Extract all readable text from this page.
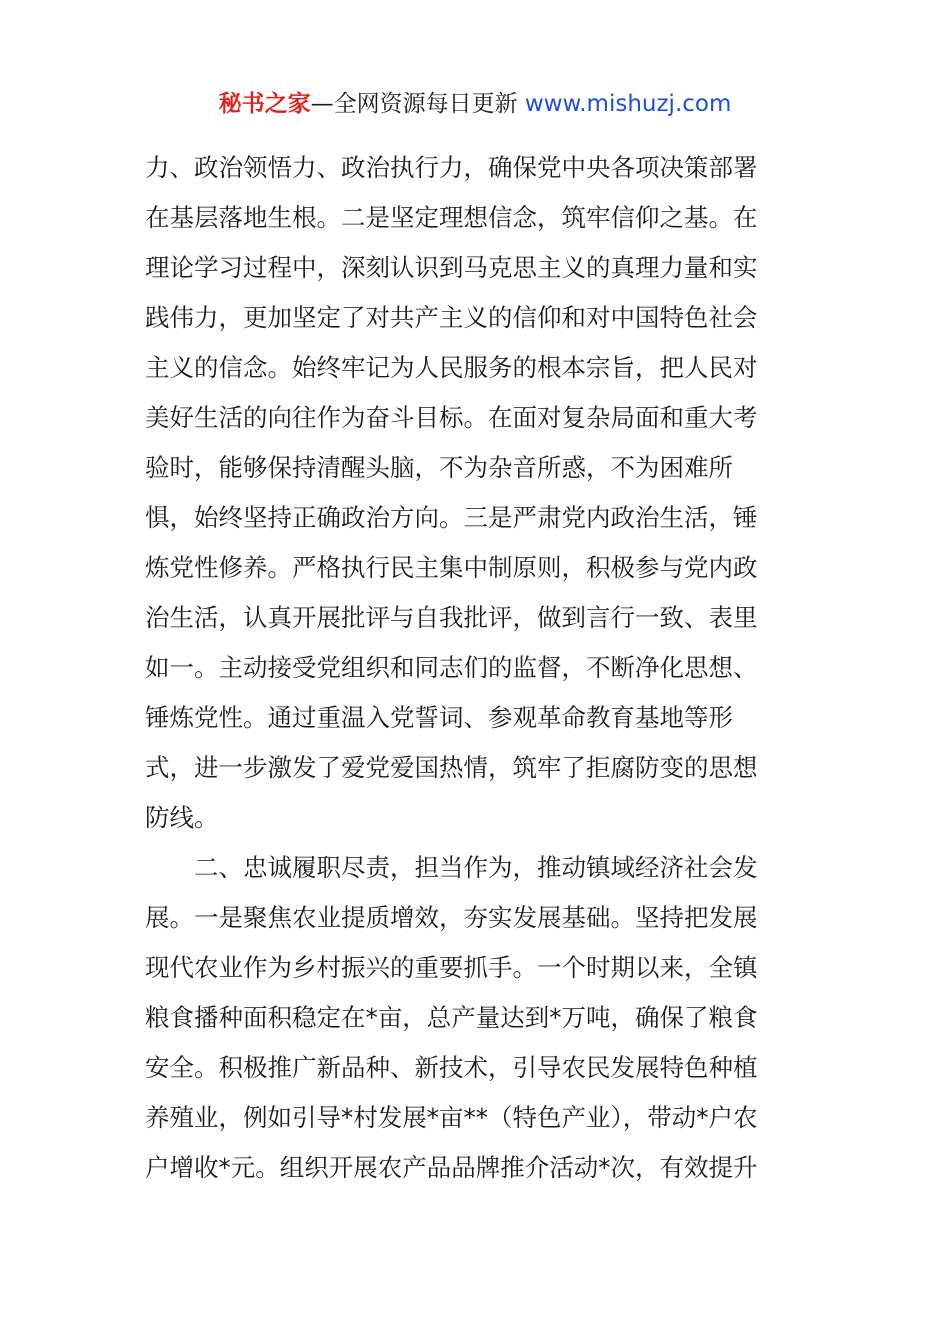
秘书之家—全网资源每日更新 www.mishuzj.com
力、政治领悟力、政治执行力，确保党中央各项决策部署
在基层落地生根。二是坚定理想信念，筑牢信仰之基。在
理论学习过程中，深刻认识到马克思主义的真理力量和实
践伟力，更加坚定了对共产主义的信仰和对中国特色社会
主义的信念。始终牢记为人民服务的根本宗旨，把人民对
美好生活的向往作为奋斗目标。在面对复杂局面和重大考
验时，能够保持清醒头脑，不为杂音所惑，不为困难所
惧，始终坚持正确政治方向。三是严肃党内政治生活，锤
炼党性修养。严格执行民主集中制原则，积极参与党内政
治生活，认真开展批评与自我批评，做到言行一致、表里
如一。主动接受党组织和同志们的监督，不断净化思想、
锤炼党性。通过重温入党誓词、参观革命教育基地等形
式，进一步激发了爱党爱国热情，筑牢了拒腐防变的思想
防线。
二、忠诚履职尽责，担当作为，推动镇域经济社会发
展。一是聚焦农业提质增效，夯实发展基础。坚持把发展
现代农业作为乡村振兴的重要抓手。一个时期以来，全镇
粮食播种面积稳定在*亩，总产量达到*万吨，确保了粮食
安全。积极推广新品种、新技术，引导农民发展特色种植
养殖业，例如引导*村发展*亩**（特色产业），带动*户农
户增收*元。组织开展农产品品牌推介活动*次，有效提升
